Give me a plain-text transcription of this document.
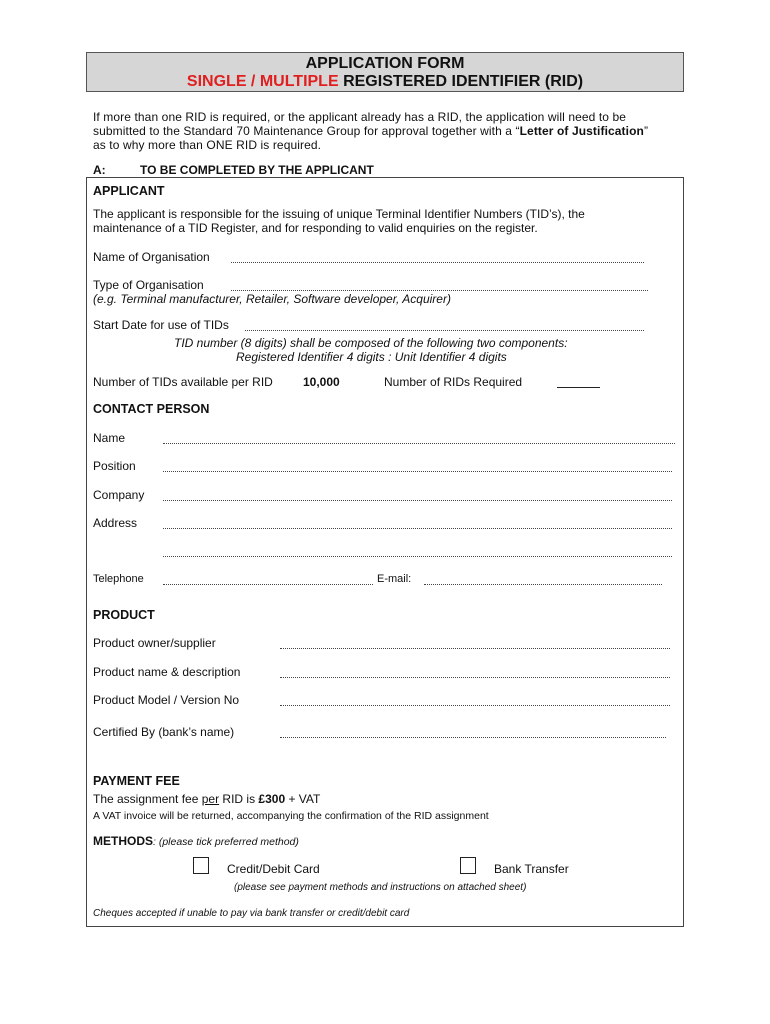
APPLICATION FORM
SINGLE / MULTIPLE REGISTERED IDENTIFIER (RID)
If more than one RID is required, or the applicant already has a RID, the application will need to be
submitted to the Standard 70 Maintenance Group for approval together with a “Letter of Justification”
as to why more than ONE RID is required.
A:	TO BE COMPLETED BY THE APPLICANT
APPLICANT
The applicant is responsible for the issuing of unique Terminal Identifier Numbers (TID’s), the
maintenance of a TID Register, and for responding to valid enquiries on the register.
Name of Organisation
Type of Organisation
(e.g. Terminal manufacturer, Retailer, Software developer, Acquirer)
Start Date for use of TIDs
TID number (8 digits) shall be composed of the following two components:
Registered Identifier 4 digits : Unit Identifier 4 digits
Number of TIDs available per RID	10,000	Number of RIDs Required
CONTACT PERSON
Name
Position
Company
Address
Telephone	E-mail:
PRODUCT
Product owner/supplier
Product name & description
Product Model / Version No
Certified By (bank’s name)
PAYMENT FEE
The assignment fee per RID is £300 + VAT
A VAT invoice will be returned, accompanying the confirmation of the RID assignment
METHODS: (please tick preferred method)
Credit/Debit Card	Bank Transfer
(please see payment methods and instructions on attached sheet)
Cheques accepted if unable to pay via bank transfer or credit/debit card
